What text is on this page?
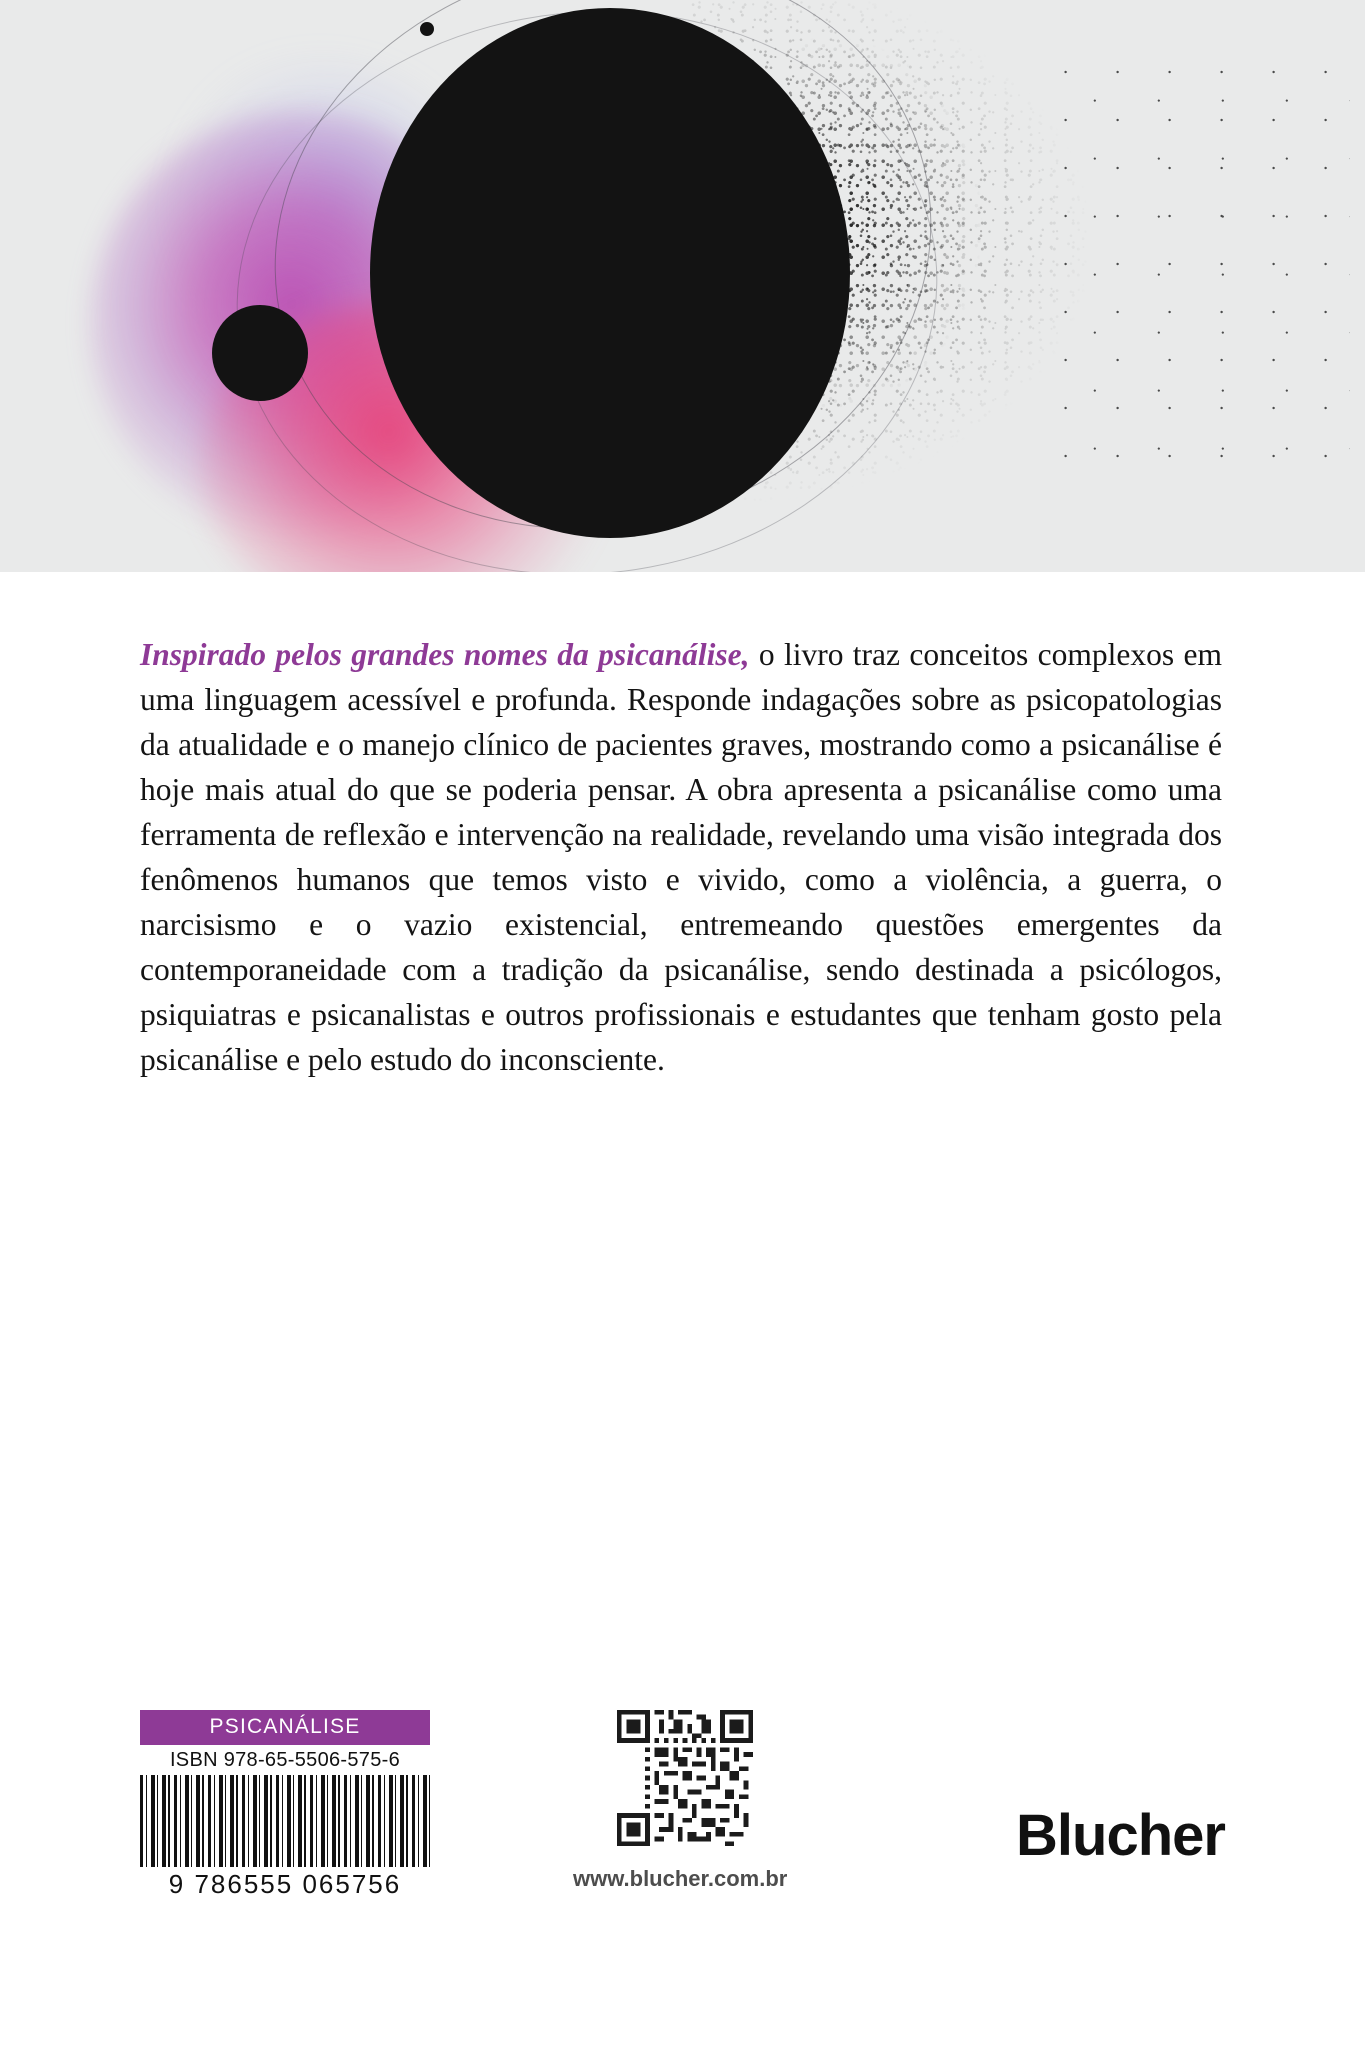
Inspirado pelos grandes nomes da psicanálise, o livro traz conceitos complexos em uma linguagem acessível e profunda. Responde indagações sobre as psicopatologias da atualidade e o manejo clínico de pacientes graves, mostrando como a psicanálise é hoje mais atual do que se poderia pensar. A obra apresenta a psicanálise como uma ferramenta de reflexão e intervenção na realidade, revelando uma visão integrada dos fenômenos humanos que temos visto e vivido, como a violência, a guerra, o narcisismo e o vazio existencial, entremeando questões emergentes da contemporaneidade com a tradição da psicanálise, sendo destinada a psicólogos, psiquiatras e psicanalistas e outros profissionais e estudantes que tenham gosto pela psicanálise e pelo estudo do inconsciente.

PSICANÁLISE
ISBN 978-65-5506-575-6
9 786555 065756	www.blucher.com.br
Blucher
